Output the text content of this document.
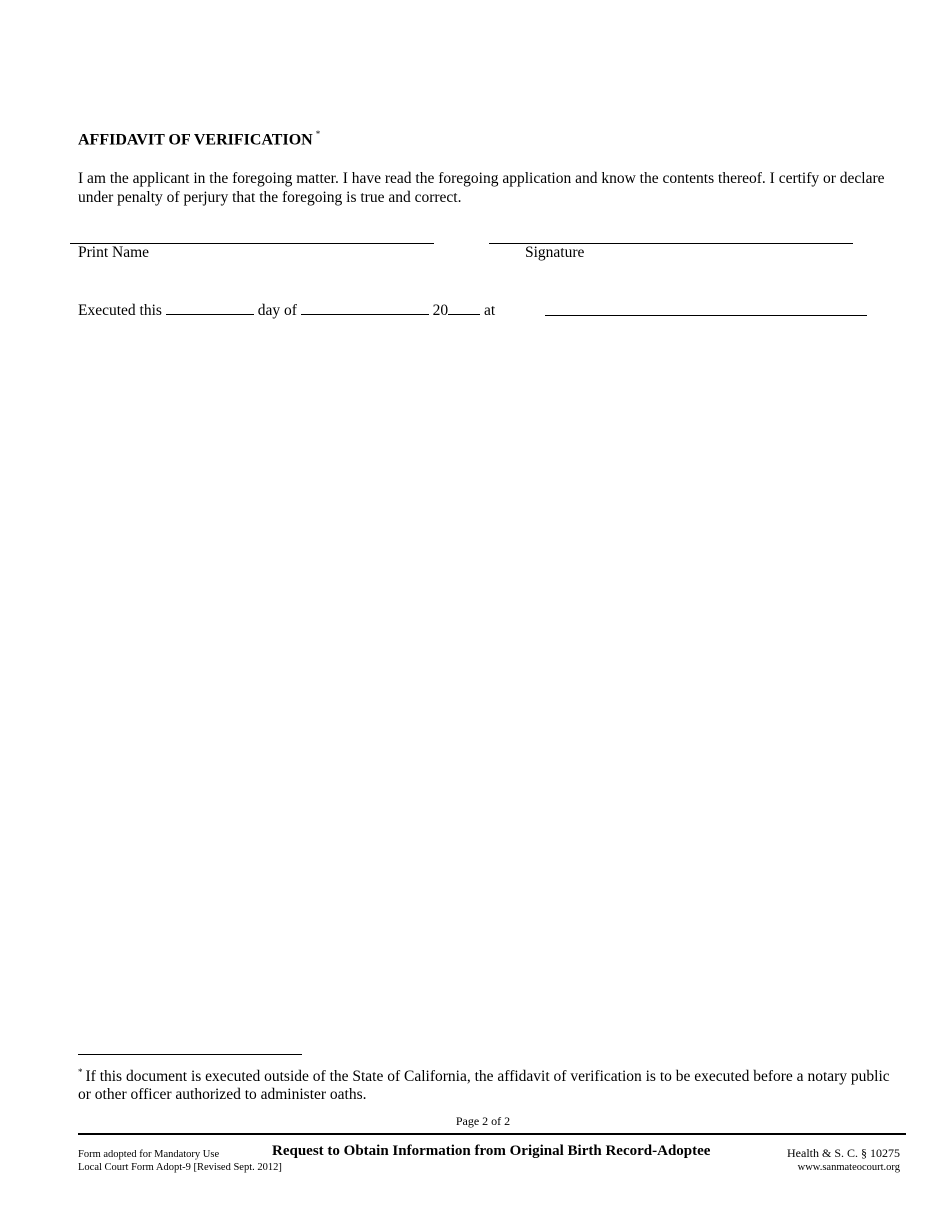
AFFIDAVIT OF VERIFICATION *
I am the applicant in the foregoing matter. I have read the foregoing application and know the contents thereof. I certify or declare under penalty of perjury that the foregoing is true and correct.
Print Name	Signature
Executed this	day of	20 at
* If this document is executed outside of the State of California, the affidavit of verification is to be executed before a notary public or other officer authorized to administer oaths.
Page 2 of 2
Form adopted for Mandatory Use
Local Court Form Adopt-9 [Revised Sept. 2012]
Request to Obtain Information from Original Birth Record-Adoptee	Health & S. C. § 10275
www.sanmateocourt.org
